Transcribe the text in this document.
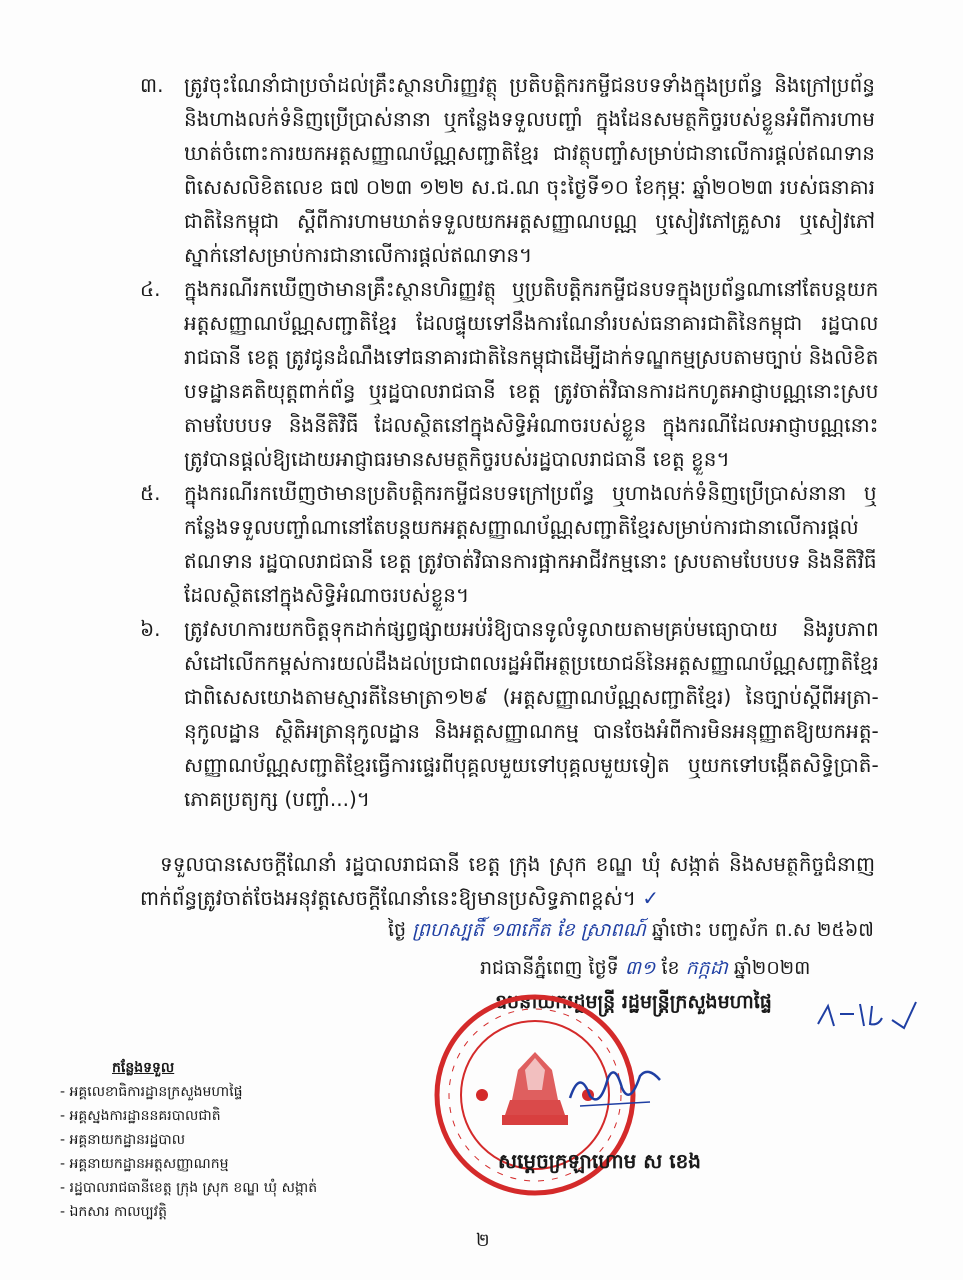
៣.	ត្រូវចុះណែនាំជាប្រចាំដល់គ្រឹះស្ថានហិរញ្ញវត្ថុ ប្រតិបត្តិករកម្ចីជនបទទាំងក្នុងប្រព័ន្ធ និងក្រៅប្រព័ន្ធ
និងហាងលក់ទំនិញប្រើប្រាស់នានា ឬកន្លែងទទួលបញ្ចាំ ក្នុងដែនសមត្ថកិច្ចរបស់ខ្លួនអំពីការហាម
ឃាត់ចំពោះការយកអត្តសញ្ញាណប័ណ្ណសញ្ជាតិខ្មែរ ជាវត្ថុបញ្ចាំសម្រាប់ជានាលើការផ្តល់ឥណទាន
ពិសេសលិខិតលេខ ធ៧ ០២៣ ១២២ ស.ជ.ណ ចុះថ្ងៃទី១០ ខែកុម្ភៈ ឆ្នាំ២០២៣ របស់ធនាគារ
ជាតិនៃកម្ពុជា ស្តីពីការហាមឃាត់ទទួលយកអត្តសញ្ញាណបណ្ណ ឬសៀវភៅគ្រួសារ ឬសៀវភៅ
ស្នាក់នៅសម្រាប់ការជានាលើការផ្តល់ឥណទាន។
៤.	ក្នុងករណីរកឃើញថាមានគ្រឹះស្ថានហិរញ្ញវត្ថុ ឬប្រតិបត្តិករកម្ចីជនបទក្នុងប្រព័ន្ធណានៅតែបន្តយក
អត្តសញ្ញាណប័ណ្ណសញ្ជាតិខ្មែរ ដែលផ្ទុយទៅនឹងការណែនាំរបស់ធនាគារជាតិនៃកម្ពុជា រដ្ឋបាល
រាជធានី ខេត្ត ត្រូវជូនដំណឹងទៅធនាគារជាតិនៃកម្ពុជាដើម្បីដាក់ទណ្ឌកម្មស្របតាមច្បាប់ និងលិខិត
បទដ្ឋានគតិយុត្តពាក់ព័ន្ធ ឬរដ្ឋបាលរាជធានី ខេត្ត ត្រូវចាត់វិធានការដកហូតអាជ្ញាបណ្ណនោះស្រប
តាមបែបបទ និងនីតិវិធី ដែលស្ថិតនៅក្នុងសិទ្ធិអំណាចរបស់ខ្លួន ក្នុងករណីដែលអាជ្ញាបណ្ណនោះ
ត្រូវបានផ្តល់ឱ្យដោយអាជ្ញាធរមានសមត្ថកិច្ចរបស់រដ្ឋបាលរាជធានី ខេត្ត ខ្លួន។
៥.	ក្នុងករណីរកឃើញថាមានប្រតិបត្តិករកម្ចីជនបទក្រៅប្រព័ន្ធ ឬហាងលក់ទំនិញប្រើប្រាស់នានា ឬ
កន្លែងទទួលបញ្ចាំណានៅតែបន្តយកអត្តសញ្ញាណប័ណ្ណសញ្ជាតិខ្មែរសម្រាប់ការជានាលើការផ្តល់
ឥណទាន រដ្ឋបាលរាជធានី ខេត្ត ត្រូវចាត់វិធានការផ្អាកអាជីវកម្មនោះ ស្របតាមបែបបទ និងនីតិវិធី
ដែលស្ថិតនៅក្នុងសិទ្ធិអំណាចរបស់ខ្លួន។
៦.	ត្រូវសហការយកចិត្តទុកដាក់ផ្សព្វផ្សាយអប់រំឱ្យបានទូលំទូលាយតាមគ្រប់មធ្យោបាយ និងរូបភាព
សំដៅលើកកម្ពស់ការយល់ដឹងដល់ប្រជាពលរដ្ឋអំពីអត្ថប្រយោជន៍នៃអត្តសញ្ញាណប័ណ្ណសញ្ជាតិខ្មែរ
ជាពិសេសយោងតាមស្មារតីនៃមាត្រា១២៩ (អត្តសញ្ញាណប័ណ្ណសញ្ជាតិខ្មែរ) នៃច្បាប់ស្តីពីអត្រា-
នុកូលដ្ឋាន ស្ថិតិអត្រានុកូលដ្ឋាន និងអត្តសញ្ញាណកម្ម បានចែងអំពីការមិនអនុញ្ញាតឱ្យយកអត្ត-
សញ្ញាណប័ណ្ណសញ្ជាតិខ្មែរធ្វើការផ្ទេរពីបុគ្គលមួយទៅបុគ្គលមួយទៀត ឬយកទៅបង្កើតសិទ្ធិប្រាតិ-
ភោគប្រត្យក្ស (បញ្ចាំ...)។
ទទួលបានសេចក្តីណែនាំ រដ្ឋបាលរាជធានី ខេត្ត ក្រុង ស្រុក ខណ្ឌ ឃុំ សង្កាត់ និងសមត្ថកិច្ចជំនាញ
ពាក់ព័ន្ធត្រូវចាត់ចែងអនុវត្តសេចក្តីណែនាំនេះឱ្យមានប្រសិទ្ធភាពខ្ពស់។ ✓
ថ្ងៃ ព្រហស្បតិ៍ ១៣កើត ខែ ស្រាពណ៍ ឆ្នាំថោះ បញ្ចស័ក ព.ស ២៥៦៧
រាជធានីភ្នំពេញ ថ្ងៃទី ៣១ ខែ កក្កដា ឆ្នាំ២០២៣
ឧបនាយករដ្ឋមន្ត្រី រដ្ឋមន្ត្រីក្រសួងមហាផ្ទៃ
សម្តេចក្រឡាហោម ស ខេង
កន្លែងទទួល
- អគ្គលេខាធិការដ្ឋានក្រសួងមហាផ្ទៃ
- អគ្គស្នងការដ្ឋាននគរបាលជាតិ
- អគ្គនាយកដ្ឋានរដ្ឋបាល
- អគ្គនាយកដ្ឋានអត្តសញ្ញាណកម្ម
- រដ្ឋបាលរាជធានីខេត្ត ក្រុង ស្រុក ខណ្ឌ ឃុំ សង្កាត់
- ឯកសារ កាលប្បវត្តិ
២
